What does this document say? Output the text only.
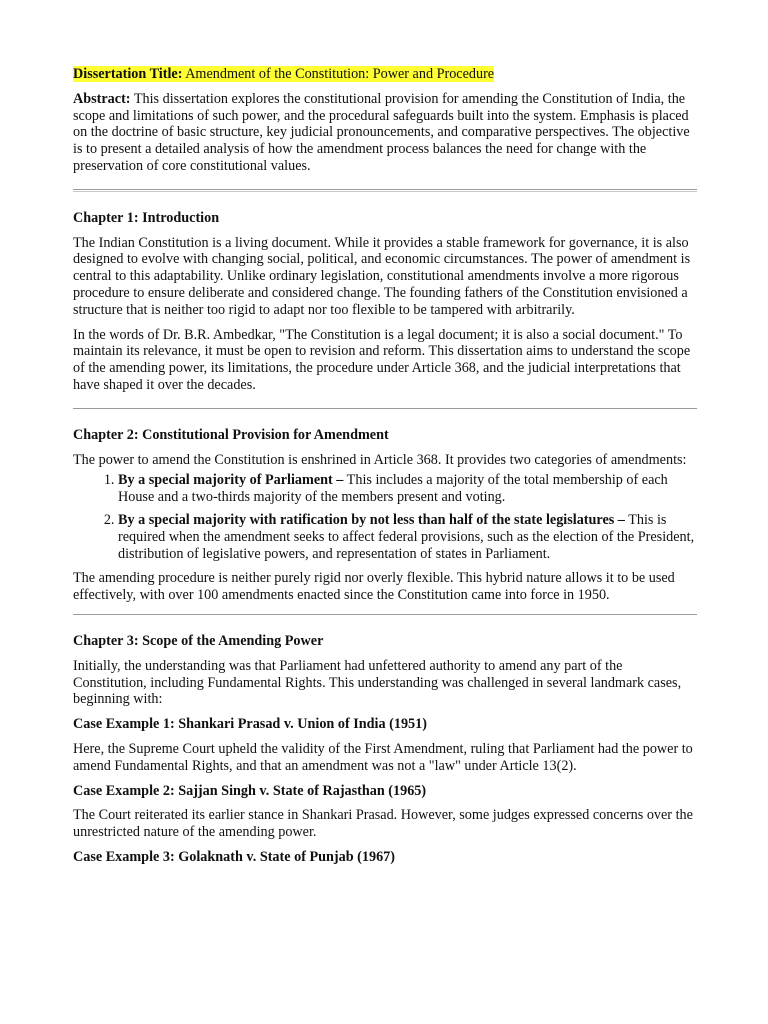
Dissertation Title: Amendment of the Constitution: Power and Procedure

Abstract: This dissertation explores the constitutional provision for amending the Constitution of India, the scope and limitations of such power, and the procedural safeguards built into the system. Emphasis is placed on the doctrine of basic structure, key judicial pronouncements, and comparative perspectives. The objective is to present a detailed analysis of how the amendment process balances the need for change with the preservation of core constitutional values.

Chapter 1: Introduction

The Indian Constitution is a living document. While it provides a stable framework for governance, it is also designed to evolve with changing social, political, and economic circumstances. The power of amendment is central to this adaptability. Unlike ordinary legislation, constitutional amendments involve a more rigorous procedure to ensure deliberate and considered change. The founding fathers of the Constitution envisioned a structure that is neither too rigid to adapt nor too flexible to be tampered with arbitrarily.

In the words of Dr. B.R. Ambedkar, "The Constitution is a legal document; it is also a social document." To maintain its relevance, it must be open to revision and reform. This dissertation aims to understand the scope of the amending power, its limitations, the procedure under Article 368, and the judicial interpretations that have shaped it over the decades.

Chapter 2: Constitutional Provision for Amendment

The power to amend the Constitution is enshrined in Article 368. It provides two categories of amendments:

1. By a special majority of Parliament – This includes a majority of the total membership of each House and a two-thirds majority of the members present and voting.
2. By a special majority with ratification by not less than half of the state legislatures – This is required when the amendment seeks to affect federal provisions, such as the election of the President, distribution of legislative powers, and representation of states in Parliament.

The amending procedure is neither purely rigid nor overly flexible. This hybrid nature allows it to be used effectively, with over 100 amendments enacted since the Constitution came into force in 1950.

Chapter 3: Scope of the Amending Power

Initially, the understanding was that Parliament had unfettered authority to amend any part of the Constitution, including Fundamental Rights. This understanding was challenged in several landmark cases, beginning with:

Case Example 1: Shankari Prasad v. Union of India (1951)

Here, the Supreme Court upheld the validity of the First Amendment, ruling that Parliament had the power to amend Fundamental Rights, and that an amendment was not a "law" under Article 13(2).

Case Example 2: Sajjan Singh v. State of Rajasthan (1965)

The Court reiterated its earlier stance in Shankari Prasad. However, some judges expressed concerns over the unrestricted nature of the amending power.

Case Example 3: Golaknath v. State of Punjab (1967)
